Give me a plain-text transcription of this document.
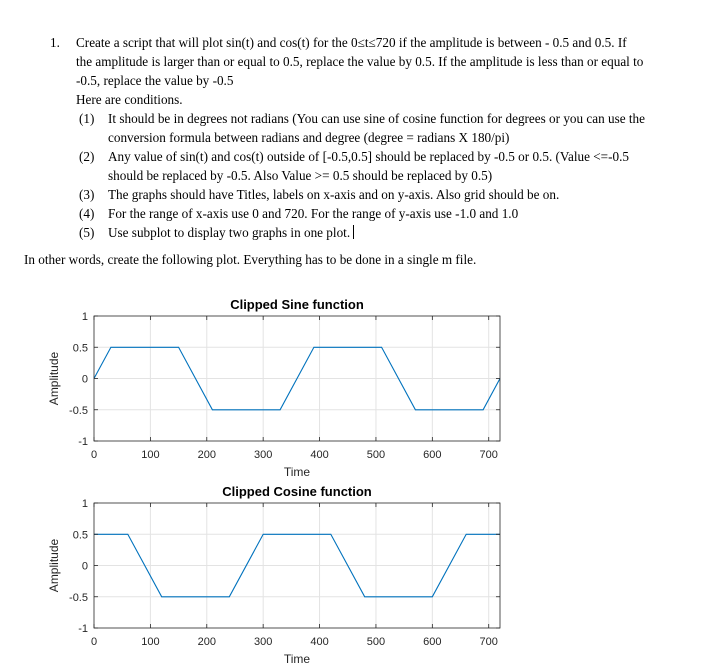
1. Create a script that will plot sin(t) and cos(t) for the 0≤t≤720 if the amplitude is between - 0.5 and 0.5. If
the amplitude is larger than or equal to 0.5, replace the value by 0.5. If the amplitude is less than or equal to
-0.5, replace the value by -0.5
Here are conditions.
(1) It should be in degrees not radians (You can use sine of cosine function for degrees or you can use the
conversion formula between radians and degree (degree = radians X 180/pi)
(2) Any value of sin(t) and cos(t) outside of [-0.5,0.5] should be replaced by -0.5 or 0.5. (Value <=-0.5
should be replaced by -0.5. Also Value >= 0.5 should be replaced by 0.5)
(3) The graphs should have Titles, labels on x-axis and on y-axis. Also grid should be on.
(4) For the range of x-axis use 0 and 720. For the range of y-axis use -1.0 and 1.0
(5) Use subplot to display two graphs in one plot.
In other words, create the following plot. Everything has to be done in a single m file.
0	100	200	300	400	500	600	700
1
0.5
0
-0.5
-1
Clipped Sine function
Time
Amplitude
0	100	200	300	400	500	600	700
1
0.5
0
-0.5
-1
Clipped Cosine function
Time
Amplitude
